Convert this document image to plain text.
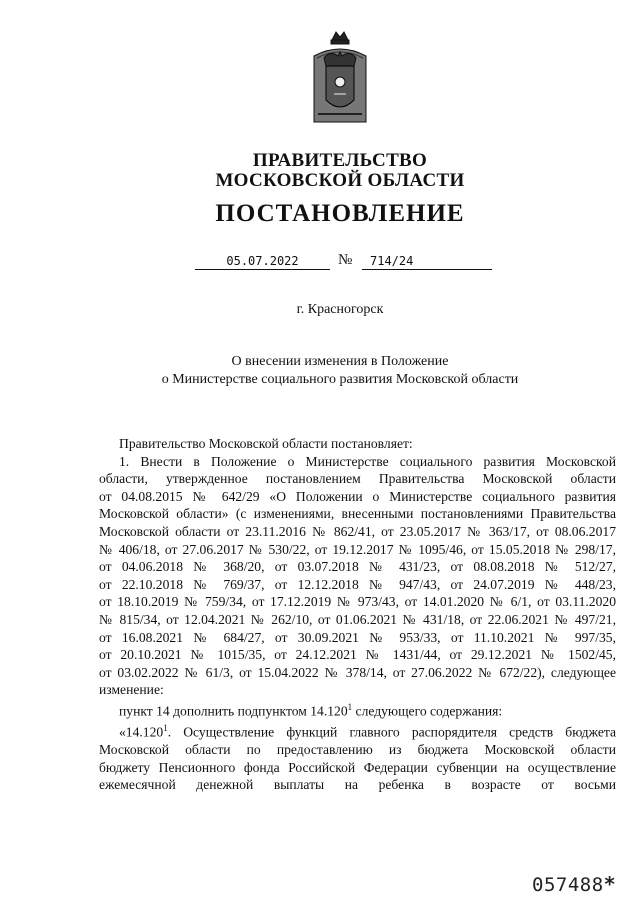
ПРАВИТЕЛЬСТВО
МОСКОВСКОЙ ОБЛАСТИ
ПОСТАНОВЛЕНИЕ
05.07.2022	№	714/24
г. Красногорск
О внесении изменения в Положение
о Министерстве социального развития Московской области
Правительство Московской области постановляет:
1. Внести в Положение о Министерстве социального развития Московской
области, утвержденное постановлением Правительства Московской области
от 04.08.2015 № 642/29 «О Положении о Министерстве социального развития
Московской области» (с изменениями, внесенными постановлениями Правительства
Московской области от 23.11.2016 № 862/41, от 23.05.2017 № 363/17, от 08.06.2017
№ 406/18, от 27.06.2017 № 530/22, от 19.12.2017 № 1095/46, от 15.05.2018 № 298/17,
от 04.06.2018 № 368/20, от 03.07.2018 № 431/23, от 08.08.2018 № 512/27,
от 22.10.2018 № 769/37, от 12.12.2018 № 947/43, от 24.07.2019 № 448/23,
от 18.10.2019 № 759/34, от 17.12.2019 № 973/43, от 14.01.2020 № 6/1, от 03.11.2020
№ 815/34, от 12.04.2021 № 262/10, от 01.06.2021 № 431/18, от 22.06.2021 № 497/21,
от 16.08.2021 № 684/27, от 30.09.2021 № 953/33, от 11.10.2021 № 997/35,
от 20.10.2021 № 1015/35, от 24.12.2021 № 1431/44, от 29.12.2021 № 1502/45,
от 03.02.2022 № 61/3, от 15.04.2022 № 378/14, от 27.06.2022 № 672/22), следующее
изменение:
пункт 14 дополнить подпунктом 14.120$^1$ следующего содержания:
«14.120$^1$. Осуществление функций главного распорядителя средств бюджета
Московской области по предоставлению из бюджета Московской области
бюджету Пенсионного фонда Российской Федерации субвенции на осуществление
ежемесячной денежной выплаты на ребенка в возрасте от восьми
057488*
